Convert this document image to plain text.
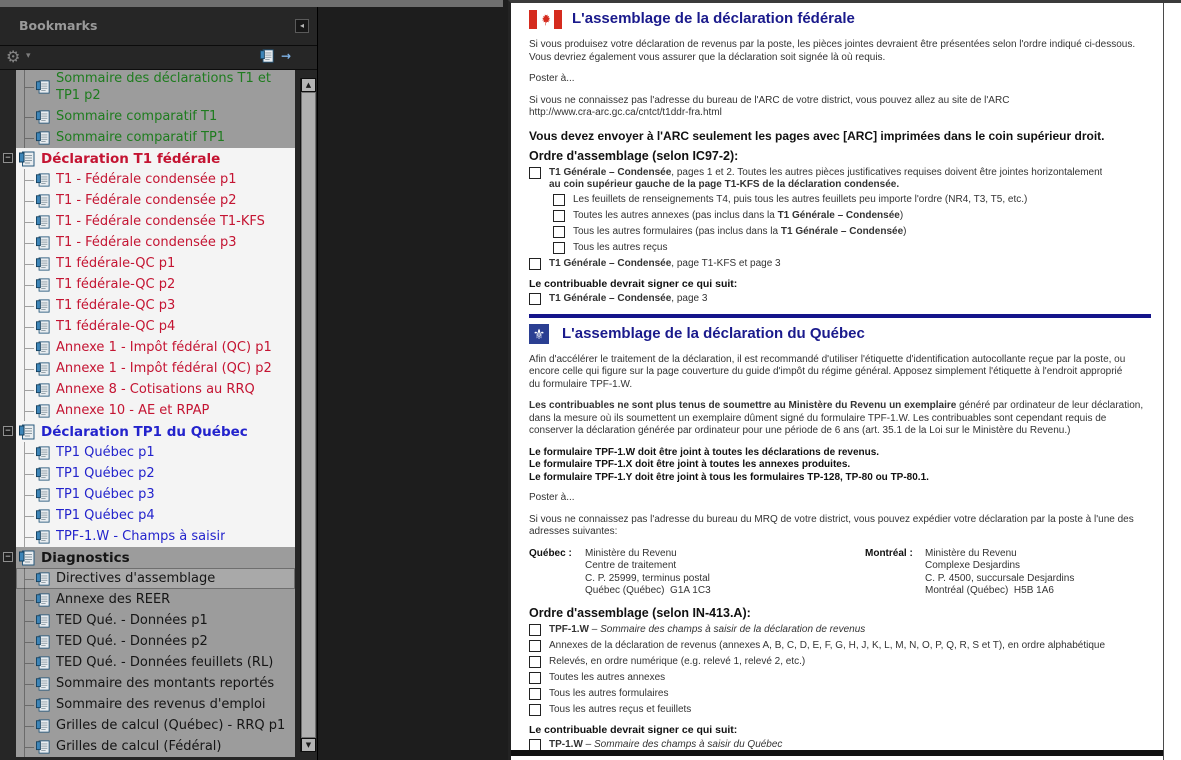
Bookmarks	◂
⚙ ▾	→
Sommaire des déclarations T1 et TP1 p2
Sommaire comparatif T1
Sommaire comparatif TP1
− Déclaration T1 fédérale
T1 - Fédérale condensée p1
T1 - Fédérale condensée p2
T1 - Fédérale condensée T1-KFS
T1 - Fédérale condensée p3
T1 fédérale-QC p1
T1 fédérale-QC p2
T1 fédérale-QC p3
T1 fédérale-QC p4
Annexe 1 - Impôt fédéral (QC) p1
Annexe 1 - Impôt fédéral (QC) p2
Annexe 8 - Cotisations au RRQ
Annexe 10 - AE et RPAP
− Déclaration TP1 du Québec
TP1 Québec p1
TP1 Québec p2
TP1 Québec p3
TP1 Québec p4
TPF-1.W - Champs à saisir
− Diagnostics
Directives d'assemblage
Annexe des REÉR
TED Qué. - Données p1
TED Qué. - Données p2
TED Qué. - Données feuillets (RL)
Sommaire des montants reportés
Sommaire des revenus d'emploi
Grilles de calcul (Québec) - RRQ p1
Grilles de calcul (Fédéral)
▲
▼
L'assemblage de la déclaration fédérale
Si vous produisez votre déclaration de revenus par la poste, les pièces jointes devraient être présentées selon l'ordre indiqué ci-dessous.
Vous devriez également vous assurer que la déclaration soit signée là où requis.
Poster à...
Si vous ne connaissez pas l'adresse du bureau de l'ARC de votre district, vous pouvez allez au site de l'ARC
http://www.cra-arc.gc.ca/cntct/t1ddr-fra.html
Vous devez envoyer à l'ARC seulement les pages avec [ARC] imprimées dans le coin supérieur droit.
Ordre d'assemblage (selon IC97-2):
T1 Générale – Condensée, pages 1 et 2. Toutes les autres pièces justificatives requises doivent être jointes horizontalement
au coin supérieur gauche de la page T1-KFS de la déclaration condensée.
Les feuillets de renseignements T4, puis tous les autres feuillets peu importe l'ordre (NR4, T3, T5, etc.)
Toutes les autres annexes (pas inclus dans la T1 Générale – Condensée)
Tous les autres formulaires (pas inclus dans la T1 Générale – Condensée)
Tous les autres reçus
T1 Générale – Condensée, page T1-KFS et page 3
Le contribuable devrait signer ce qui suit:
T1 Générale – Condensée, page 3
⚜ L'assemblage de la déclaration du Québec
Afin d'accélérer le traitement de la déclaration, il est recommandé d'utiliser l'étiquette d'identification autocollante reçue par la poste, ou
encore celle qui figure sur la page couverture du guide d'impôt du régime général. Apposez simplement l'étiquette à l'endroit approprié
du formulaire TPF-1.W.
Les contribuables ne sont plus tenus de soumettre au Ministère du Revenu un exemplaire généré par ordinateur de leur déclaration,
dans la mesure où ils soumettent un exemplaire dûment signé du formulaire TPF-1.W. Les contribuables sont cependant requis de
conserver la déclaration générée par ordinateur pour une période de 6 ans (art. 35.1 de la Loi sur le Ministère du Revenu.)
Le formulaire TPF-1.W doit être joint à toutes les déclarations de revenus.
Le formulaire TPF-1.X doit être joint à toutes les annexes produites.
Le formulaire TPF-1.Y doit être joint à tous les formulaires TP-128, TP-80 ou TP-80.1.
Poster à...
Si vous ne connaissez pas l'adresse du bureau du MRQ de votre district, vous pouvez expédier votre déclaration par la poste à l'une des
adresses suivantes:
Québec :	Ministère du Revenu
Centre de traitement
C. P. 25999, terminus postal
Québec (Québec)  G1A 1C3
Montréal :	Ministère du Revenu
Complexe Desjardins
C. P. 4500, succursale Desjardins
Montréal (Québec)  H5B 1A6
Ordre d'assemblage (selon IN-413.A):
TPF-1.W – Sommaire des champs à saisir de la déclaration de revenus
Annexes de la déclaration de revenus (annexes A, B, C, D, E, F, G, H, J, K, L, M, N, O, P, Q, R, S et T), en ordre alphabétique
Relevés, en ordre numérique (e.g. relevé 1, relevé 2, etc.)
Toutes les autres annexes
Tous les autres formulaires
Tous les autres reçus et feuillets
Le contribuable devrait signer ce qui suit:
TP-1.W – Sommaire des champs à saisir du Québec
